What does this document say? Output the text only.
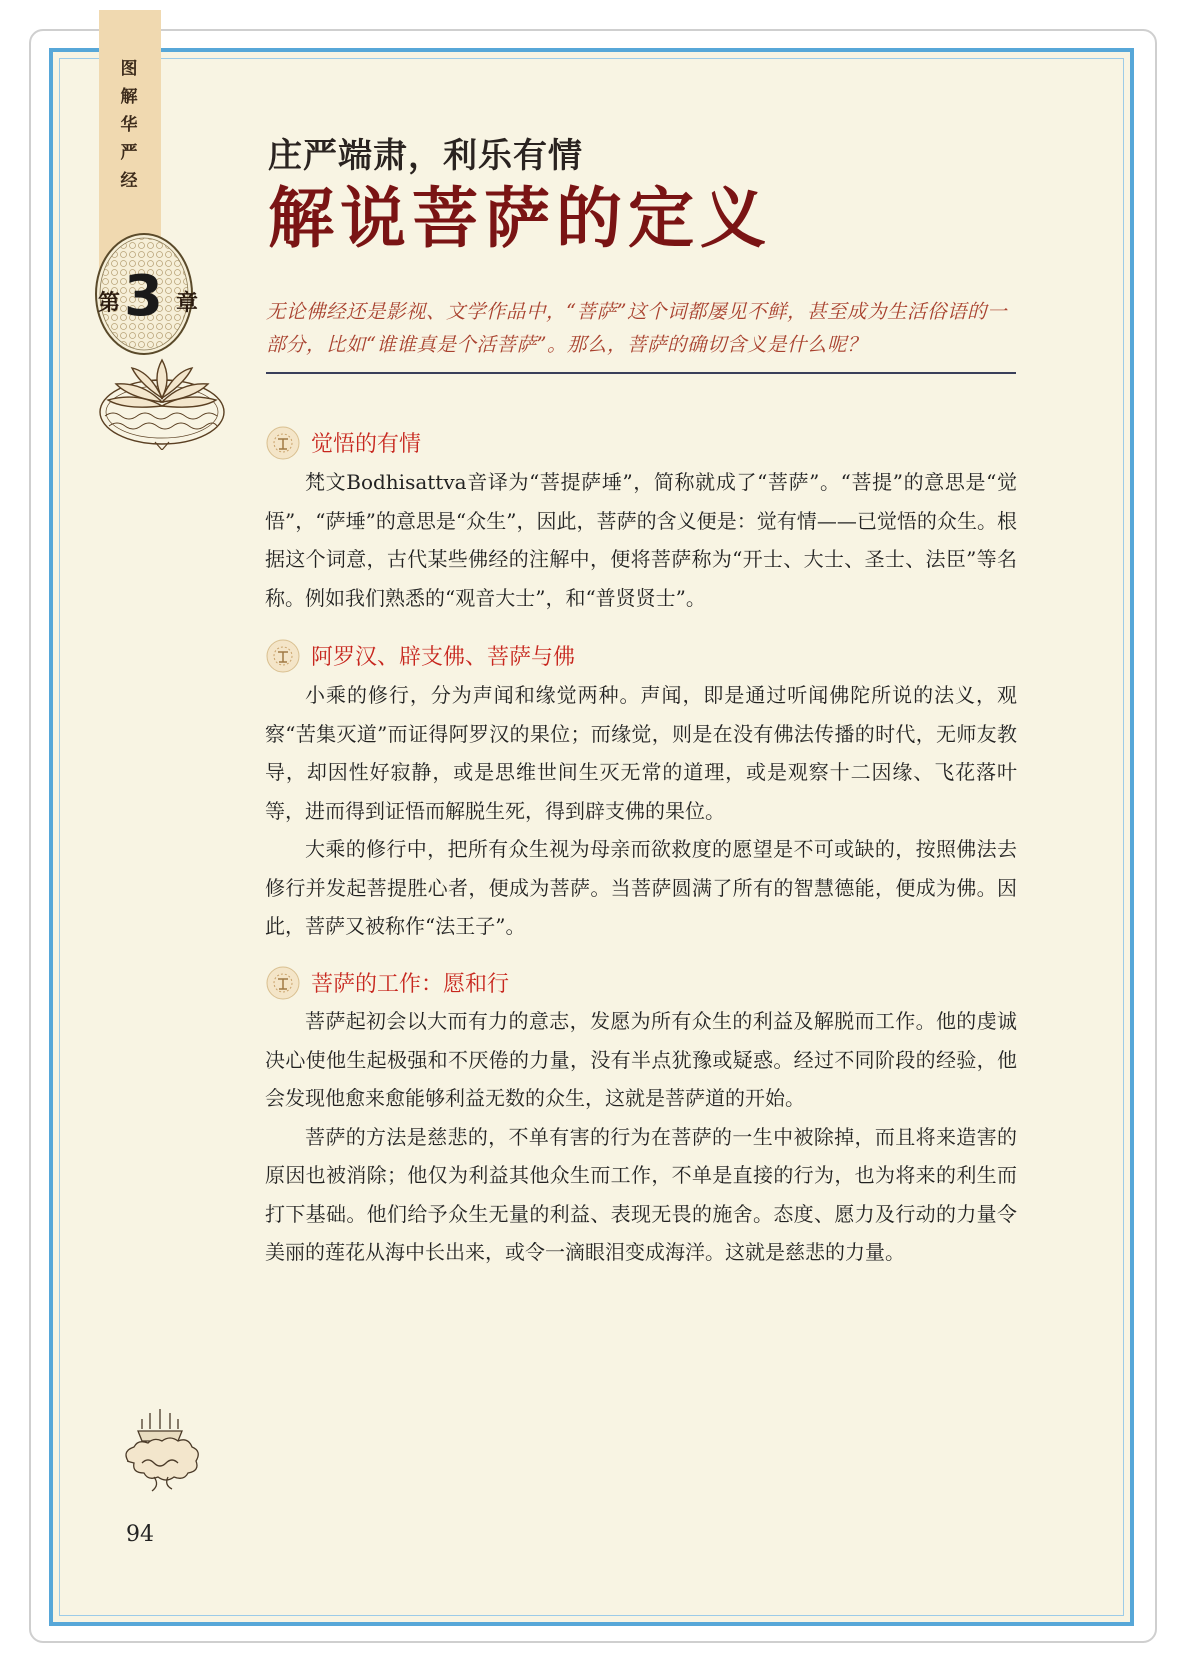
图
解
华
严
经
第 3 章
庄严端肃，利乐有情
解说菩萨的定义
无论佛经还是影视、文学作品中，“菩萨”这个词都屡见不鲜，甚至成为生活俗语的一部分，比如“谁谁真是个活菩萨”。那么，菩萨的确切含义是什么呢？
觉悟的有情
梵文Bodhisattva音译为“菩提萨埵”，简称就成了“菩萨”。“菩提”的意思是“觉悟”，“萨埵”的意思是“众生”，因此，菩萨的含义便是：觉有情——已觉悟的众生。根据这个词意，古代某些佛经的注解中，便将菩萨称为“开士、大士、圣士、法臣”等名称。例如我们熟悉的“观音大士”，和“普贤贤士”。
阿罗汉、辟支佛、菩萨与佛
小乘的修行，分为声闻和缘觉两种。声闻，即是通过听闻佛陀所说的法义，观察“苦集灭道”而证得阿罗汉的果位；而缘觉，则是在没有佛法传播的时代，无师友教导，却因性好寂静，或是思维世间生灭无常的道理，或是观察十二因缘、飞花落叶等，进而得到证悟而解脱生死，得到辟支佛的果位。
大乘的修行中，把所有众生视为母亲而欲救度的愿望是不可或缺的，按照佛法去修行并发起菩提胜心者，便成为菩萨。当菩萨圆满了所有的智慧德能，便成为佛。因此，菩萨又被称作“法王子”。
菩萨的工作：愿和行
菩萨起初会以大而有力的意志，发愿为所有众生的利益及解脱而工作。他的虔诚决心使他生起极强和不厌倦的力量，没有半点犹豫或疑惑。经过不同阶段的经验，他会发现他愈来愈能够利益无数的众生，这就是菩萨道的开始。
菩萨的方法是慈悲的，不单有害的行为在菩萨的一生中被除掉，而且将来造害的原因也被消除；他仅为利益其他众生而工作，不单是直接的行为，也为将来的利生而打下基础。他们给予众生无量的利益、表现无畏的施舍。态度、愿力及行动的力量令美丽的莲花从海中长出来，或令一滴眼泪变成海洋。这就是慈悲的力量。
94
